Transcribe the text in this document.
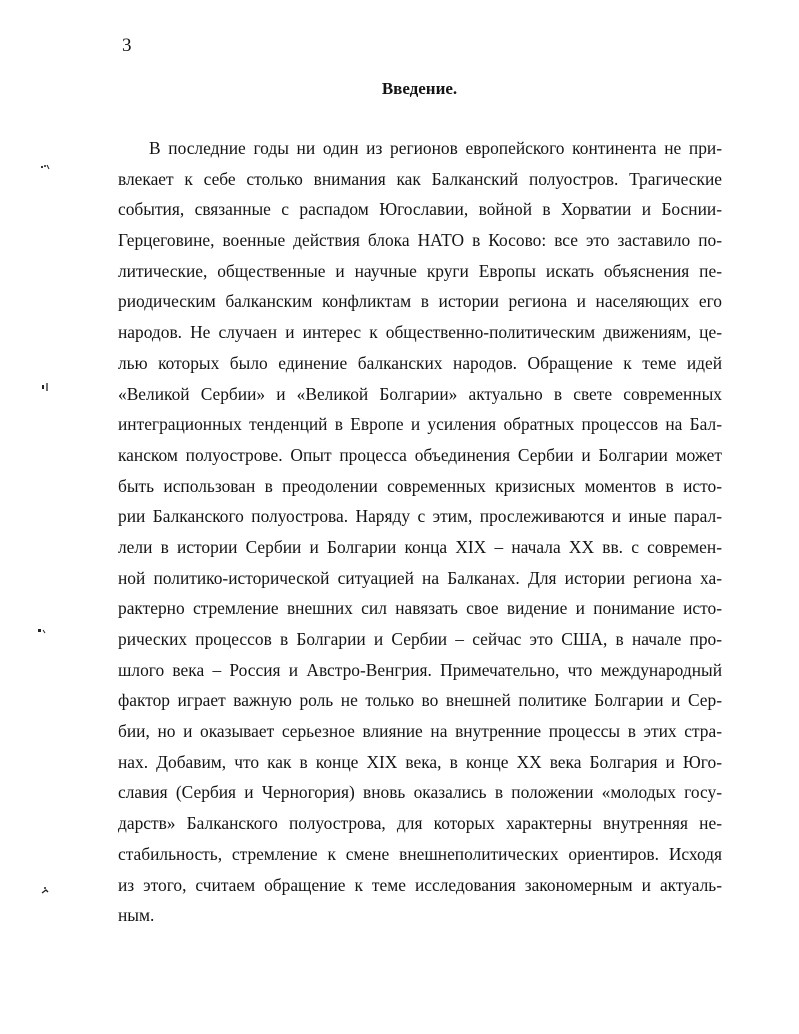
3
Введение.
В последние годы ни один из регионов европейского континента не при-
влекает к себе столько внимания как Балканский полуостров. Трагические
события, связанные с распадом Югославии, войной в Хорватии и Боснии-
Герцеговине, военные действия блока НАТО в Косово: все это заставило по-
литические, общественные и научные круги Европы искать объяснения пе-
риодическим балканским конфликтам в истории региона и населяющих его
народов. Не случаен и интерес к общественно-политическим движениям, це-
лью которых было единение балканских народов. Обращение к теме идей
«Великой Сербии» и «Великой Болгарии» актуально в свете современных
интеграционных тенденций в Европе и усиления обратных процессов на Бал-
канском полуострове. Опыт процесса объединения Сербии и Болгарии может
быть использован в преодолении современных кризисных моментов в исто-
рии Балканского полуострова. Наряду с этим, прослеживаются и иные парал-
лели в истории Сербии и Болгарии конца XIX – начала XX вв. с современ-
ной политико-исторической ситуацией на Балканах. Для истории региона ха-
рактерно стремление внешних сил навязать свое видение и понимание исто-
рических процессов в Болгарии и Сербии – сейчас это США, в начале про-
шлого века – Россия и Австро-Венгрия. Примечательно, что международный
фактор играет важную роль не только во внешней политике Болгарии и Сер-
бии, но и оказывает серьезное влияние на внутренние процессы в этих стра-
нах. Добавим, что как в конце XIX века, в конце XX века Болгария и Юго-
славия (Сербия и Черногория) вновь оказались в положении «молодых госу-
дарств» Балканского полуострова, для которых характерны внутренняя не-
стабильность, стремление к смене внешнеполитических ориентиров. Исходя
из этого, считаем обращение к теме исследования закономерным и актуаль-
ным.
